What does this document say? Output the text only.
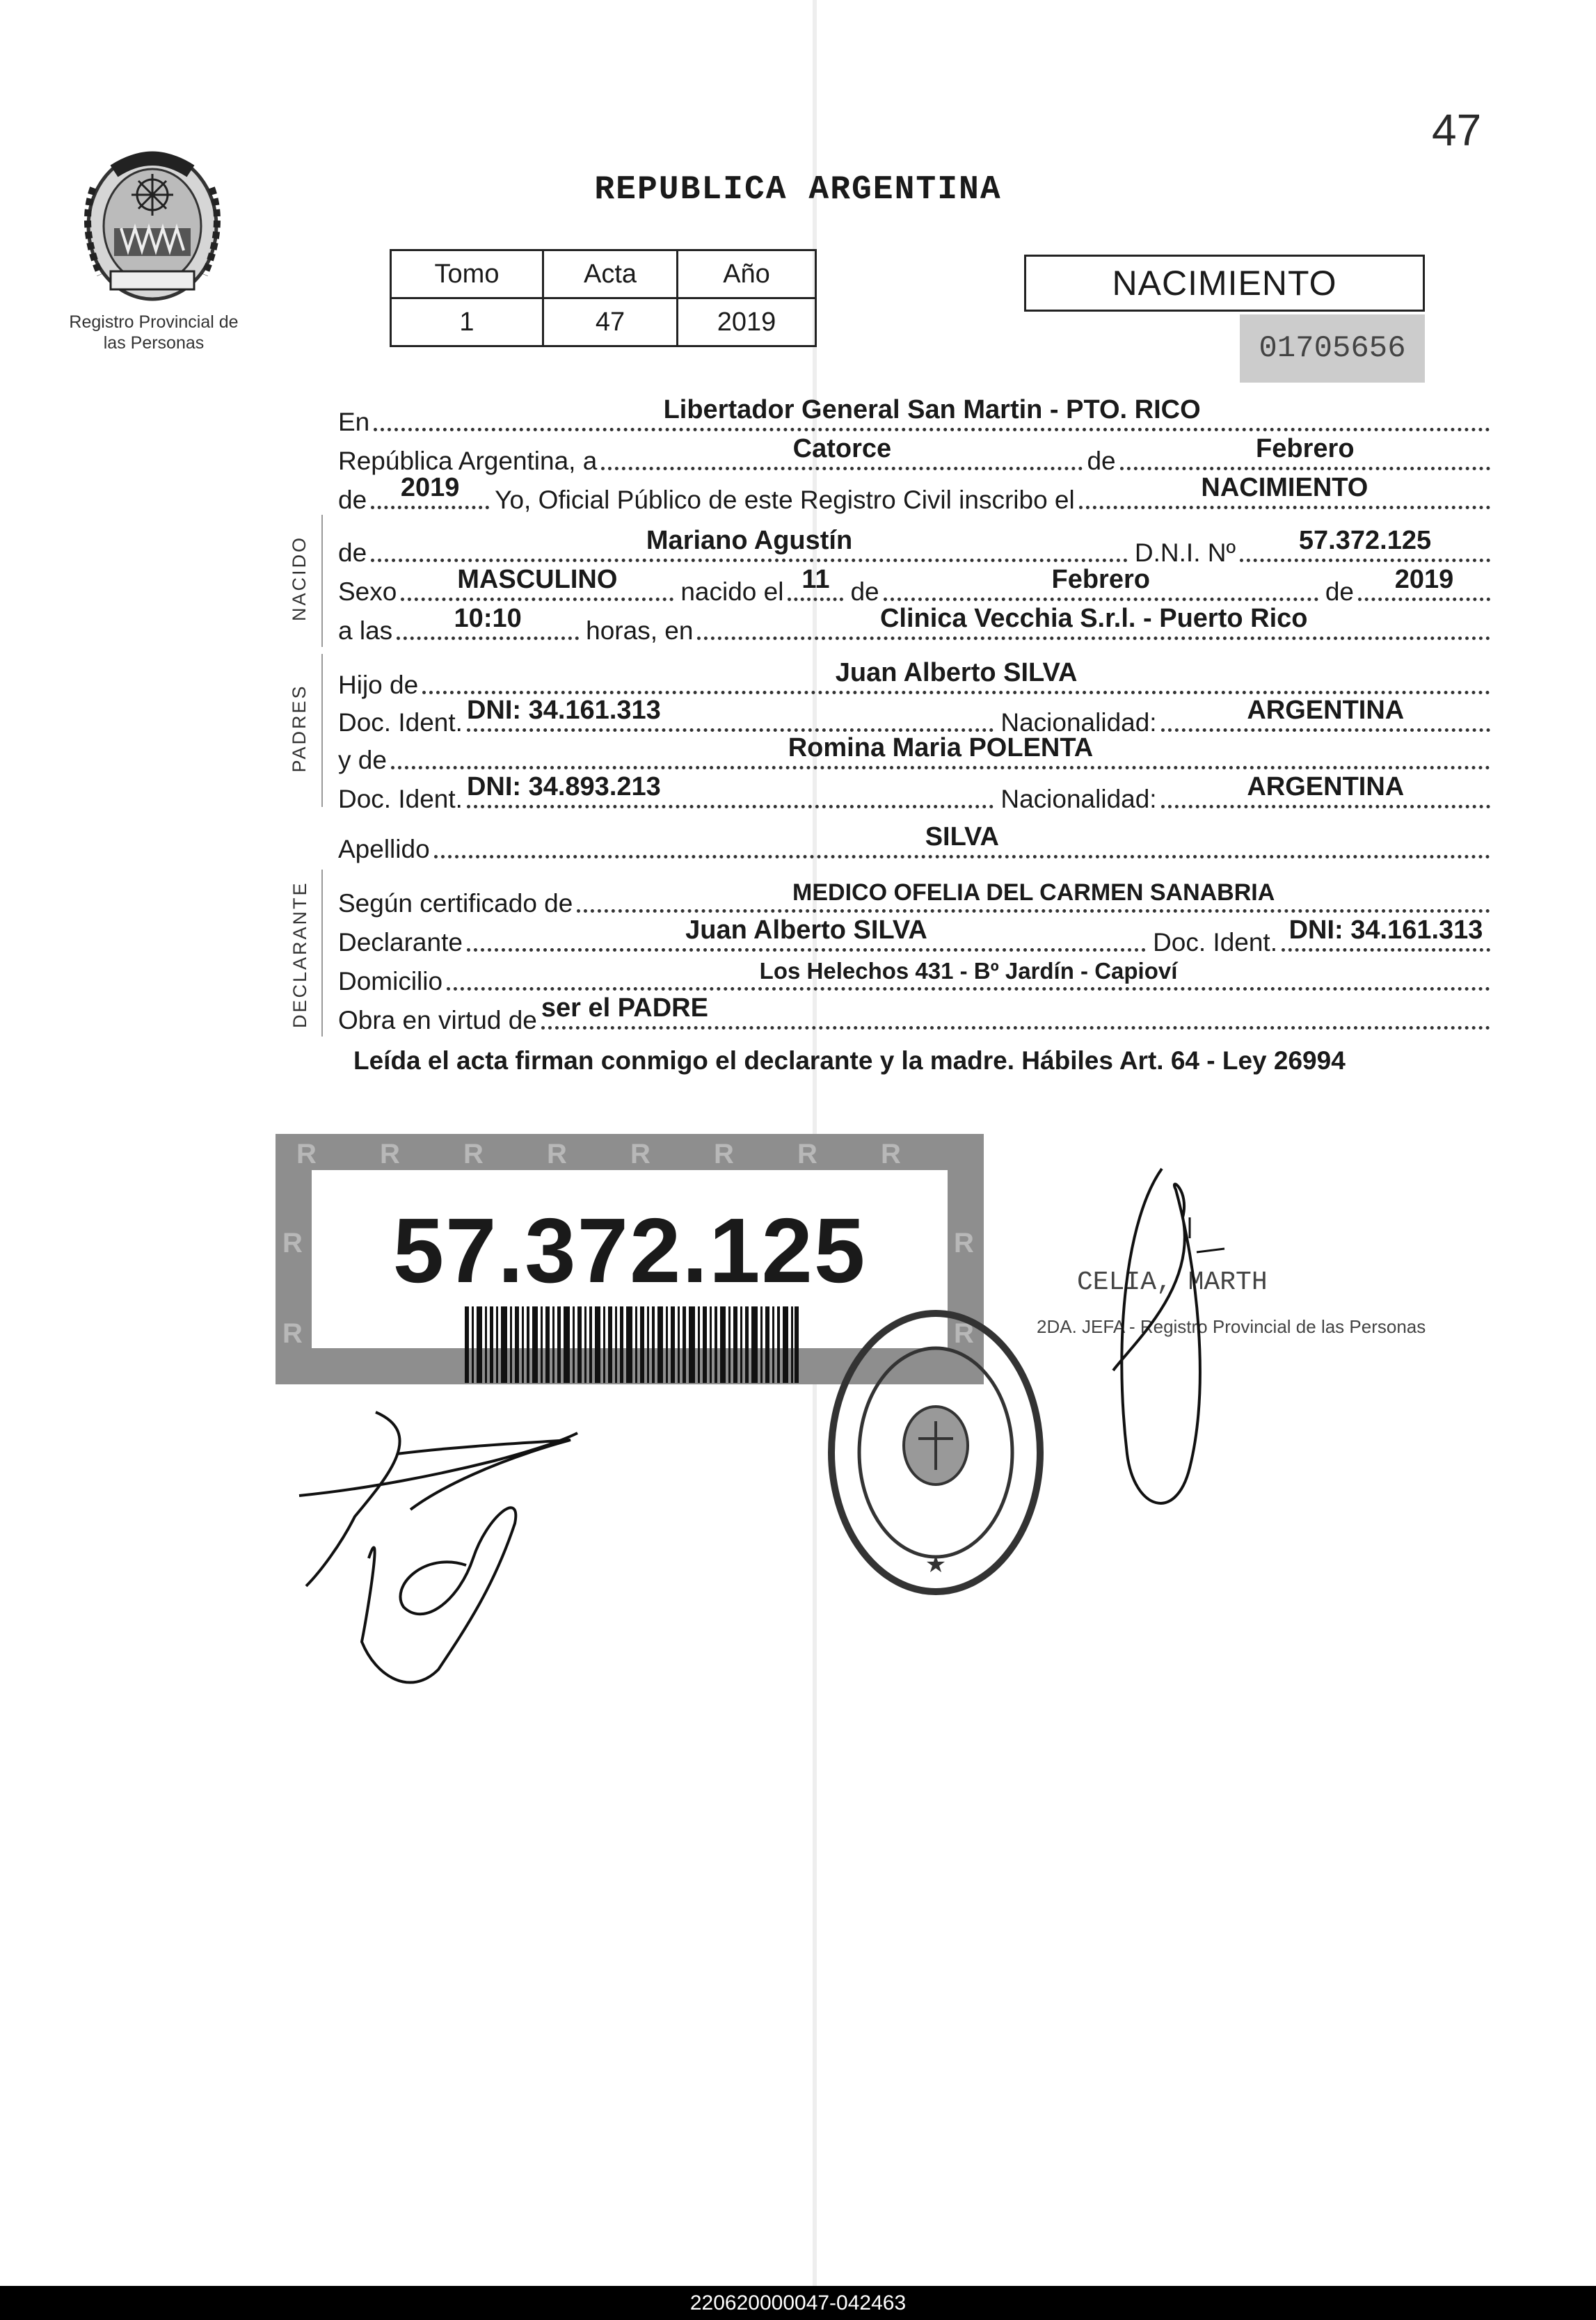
47
Registro Provincial de las Personas
REPUBLICA ARGENTINA
Tomo	Acta	Año
1	47	2019
NACIMIENTO
01705656
En	Libertador General San Martin - PTO. RICO
República Argentina, a	Catorce	de	Febrero
de	2019	Yo, Oficial Público de este Registro Civil inscribo el	NACIMIENTO
de	Mariano Agustín	D.N.I. Nº	57.372.125
Sexo	MASCULINO	nacido el 11 de	Febrero	de	2019
a las	10:10	horas, en	Clinica Vecchia S.r.l. - Puerto Rico
Hijo de	Juan Alberto SILVA
Doc. Ident. DNI: 34.161.313	Nacionalidad:	ARGENTINA
y de	Romina Maria POLENTA
Doc. Ident. DNI: 34.893.213	Nacionalidad:	ARGENTINA
Apellido	SILVA
Según certificado de	MEDICO OFELIA DEL CARMEN SANABRIA
Declarante	Juan Alberto SILVA	Doc. Ident. DNI: 34.161.313
Domicilio	Los Helechos 431 - Bº Jardín - Capioví
Obra en virtud de ser el PADRE
NACIDO
PADRES
DECLARANTE
Leída el acta firman conmigo el declarante y la madre. Hábiles Art. 64 - Ley 26994
R R R R R R R R
R
R
R
R
57.372.125
★
CELIA, MARTH
2DA. JEFA - Registro Provincial de las Personas
220620000047-042463
